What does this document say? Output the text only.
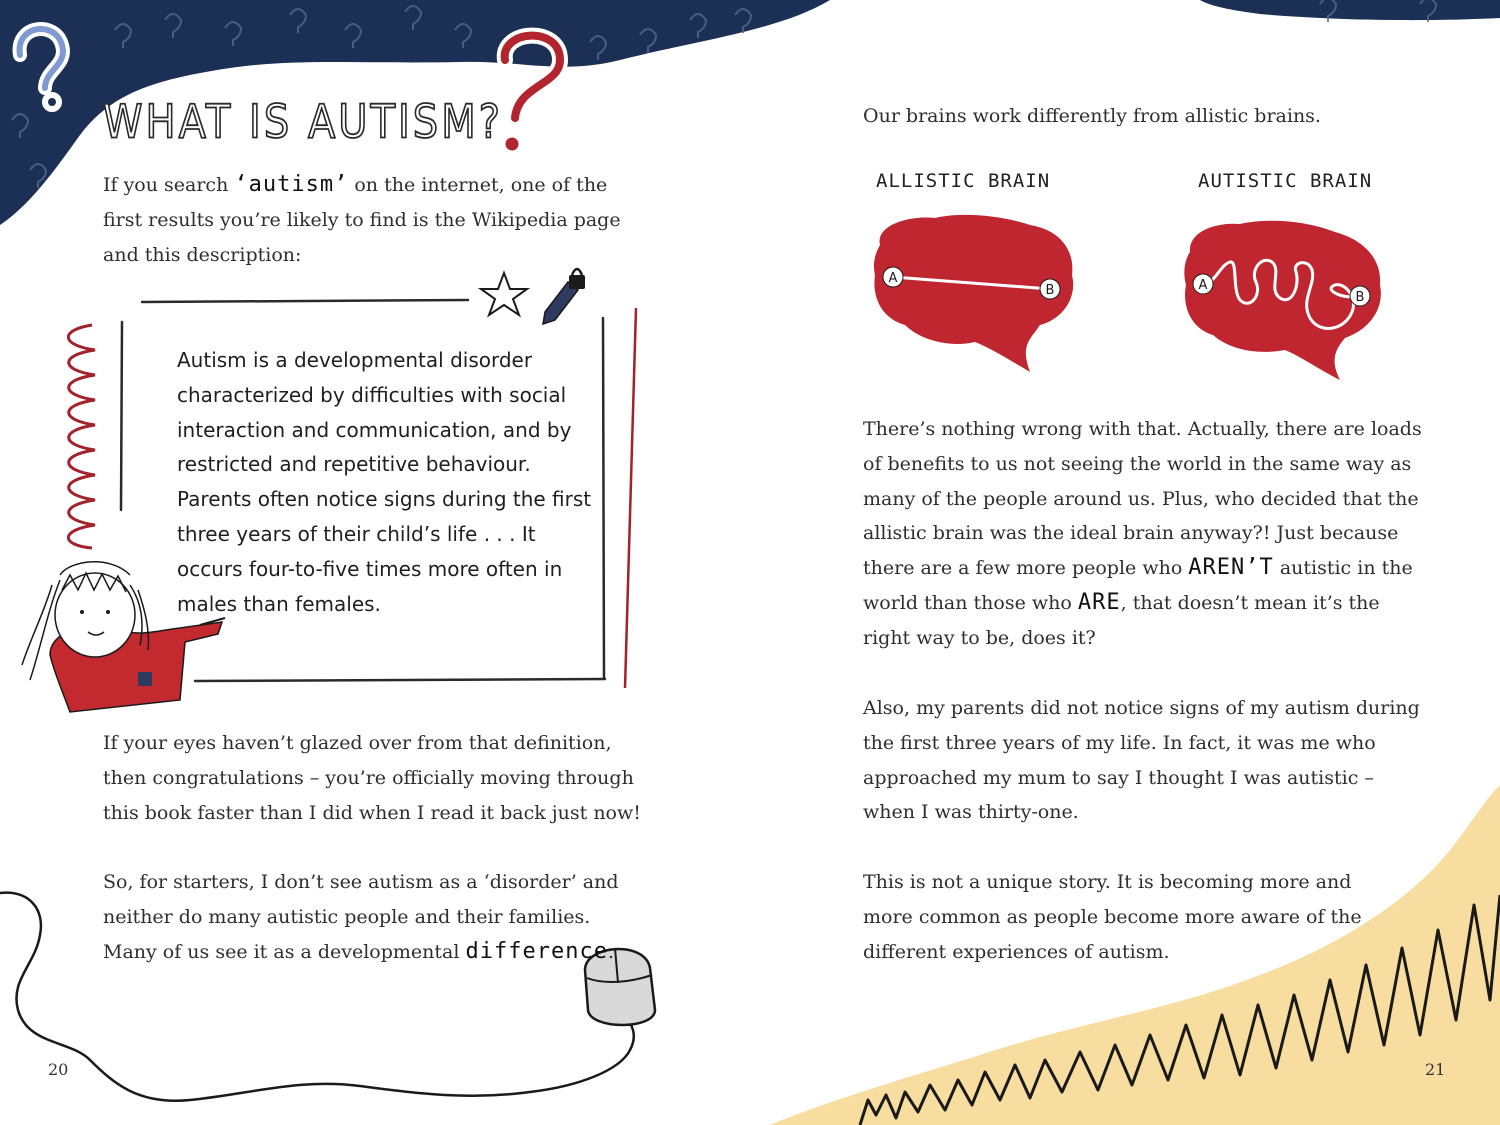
A
B	A
B
WHAT IS AUTISM?

If you search ‘autism’ on the internet, one of the first results you’re likely to find is the Wikipedia page and this description:

Autism is a developmental disorder characterized by difficulties with social interaction and communication, and by restricted and repetitive behaviour. Parents often notice signs during the first three years of their child’s life . . . It occurs four-to-five times more often in males than females.

If your eyes haven’t glazed over from that definition, then congratulations – you’re officially moving through this book faster than I did when I read it back just now!

So, for starters, I don’t see autism as a ‘disorder’ and neither do many autistic people and their families. Many of us see it as a developmental difference.

20

Our brains work differently from allistic brains.

ALLISTIC BRAIN	AUTISTIC BRAIN

There’s nothing wrong with that. Actually, there are loads of benefits to us not seeing the world in the same way as many of the people around us. Plus, who decided that the allistic brain was the ideal brain anyway?! Just because there are a few more people who AREN’T autistic in the world than those who ARE, that doesn’t mean it’s the right way to be, does it?

Also, my parents did not notice signs of my autism during the first three years of my life. In fact, it was me who approached my mum to say I thought I was autistic – when I was thirty-one.

This is not a unique story. It is becoming more and more common as people become more aware of the different experiences of autism.

21
